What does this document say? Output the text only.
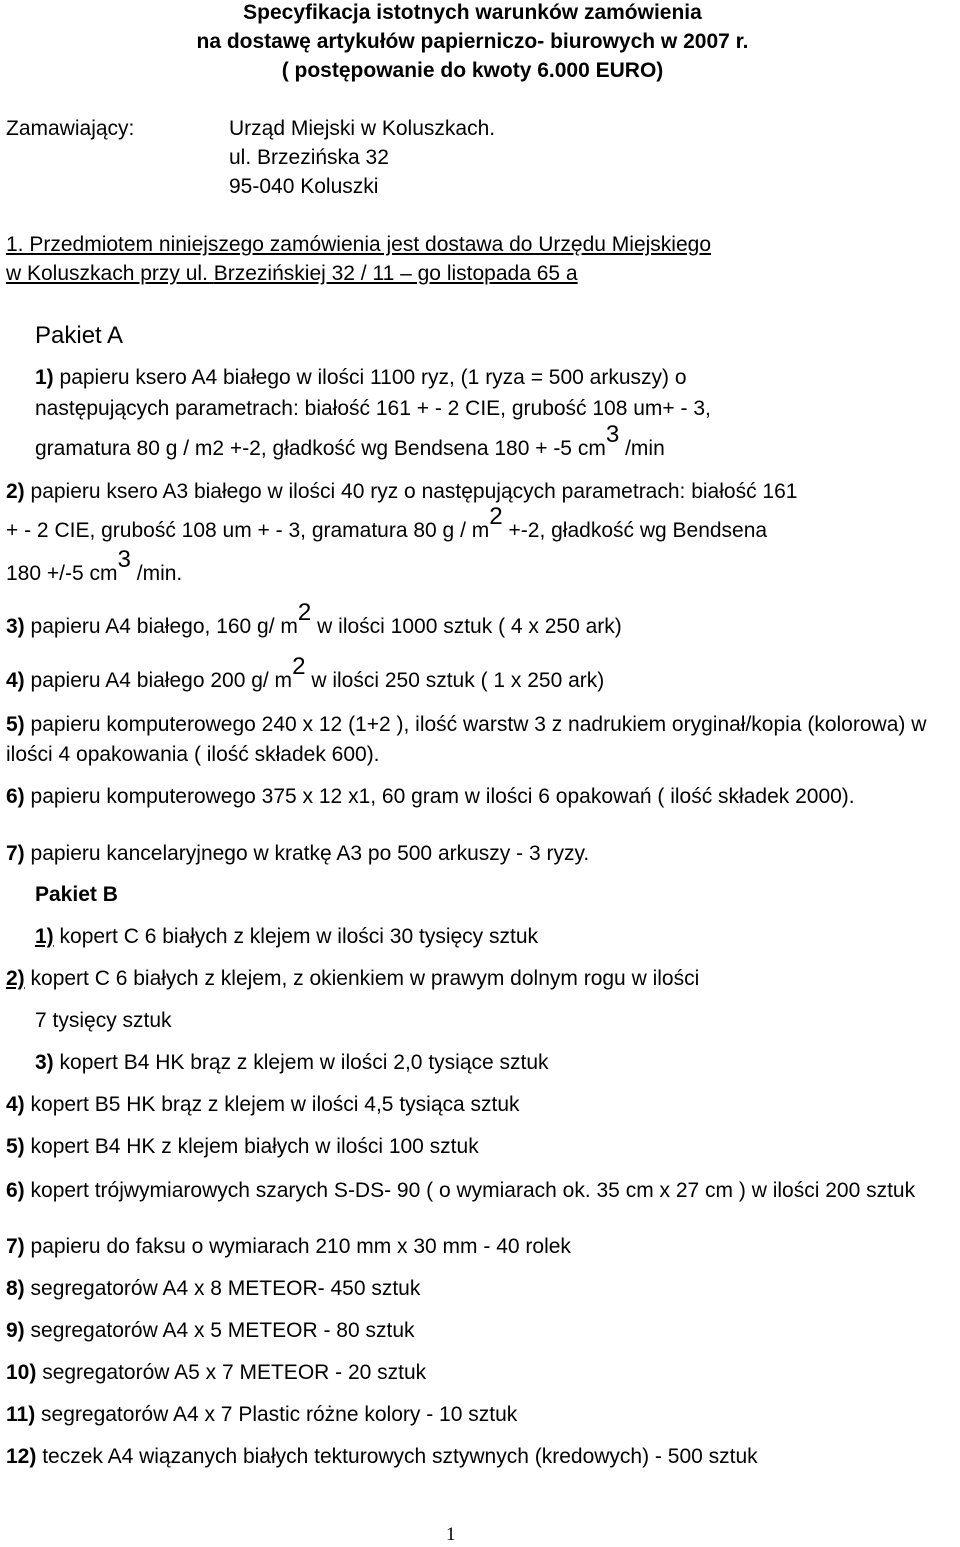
Specyfikacja istotnych warunków zamówienia
na dostawę artykułów papierniczo- biurowych w 2007 r.
( postępowanie do kwoty 6.000 EURO)
Zamawiający:	Urząd Miejski w Koluszkach.
ul. Brzezińska 32
95-040 Koluszki
1. Przedmiotem niniejszego zamówienia jest dostawa do Urzędu Miejskiego
w Koluszkach przy ul. Brzezińskiej 32 / 11 – go listopada 65 a
Pakiet A
1) papieru ksero A4 białego w ilości 1100 ryz, (1 ryza = 500 arkuszy) o
następujących parametrach: białość 161 + - 2 CIE, grubość 108 um+ - 3,
gramatura 80 g / m2 +-2, gładkość wg Bendsena 180 + -5 cm3 /min
2) papieru ksero A3 białego w ilości 40 ryz o następujących parametrach: białość 161
+ - 2 CIE, grubość 108 um + - 3, gramatura 80 g / m2 +-2, gładkość wg Bendsena
180 +/-5 cm3 /min.
3) papieru A4 białego, 160 g/ m2 w ilości 1000 sztuk ( 4 x 250 ark)
4) papieru A4 białego 200 g/ m2 w ilości 250 sztuk ( 1 x 250 ark)
5) papieru komputerowego 240 x 12 (1+2 ), ilość warstw 3 z nadrukiem oryginał/kopia (kolorowa) w ilości 4 opakowania ( ilość składek 600).
6) papieru komputerowego 375 x 12 x1, 60 gram w ilości 6 opakowań ( ilość składek 2000).
7) papieru kancelaryjnego w kratkę A3 po 500 arkuszy - 3 ryzy.
Pakiet B
1) kopert C 6 białych z klejem w ilości 30 tysięcy sztuk
2) kopert C 6 białych z klejem, z okienkiem w prawym dolnym rogu w ilości
7 tysięcy sztuk
3) kopert B4 HK brąz z klejem w ilości 2,0 tysiące sztuk
4) kopert B5 HK brąz z klejem w ilości 4,5 tysiąca sztuk
5) kopert B4 HK z klejem białych w ilości 100 sztuk
6) kopert trójwymiarowych szarych S-DS- 90 ( o wymiarach ok. 35 cm x 27 cm ) w ilości 200 sztuk
7) papieru do faksu o wymiarach 210 mm x 30 mm - 40 rolek
8) segregatorów A4 x 8 METEOR- 450 sztuk
9) segregatorów A4 x 5 METEOR - 80 sztuk
10) segregatorów A5 x 7 METEOR - 20 sztuk
11) segregatorów A4 x 7 Plastic różne kolory - 10 sztuk
12) teczek A4 wiązanych białych tekturowych sztywnych (kredowych) - 500 sztuk
1
